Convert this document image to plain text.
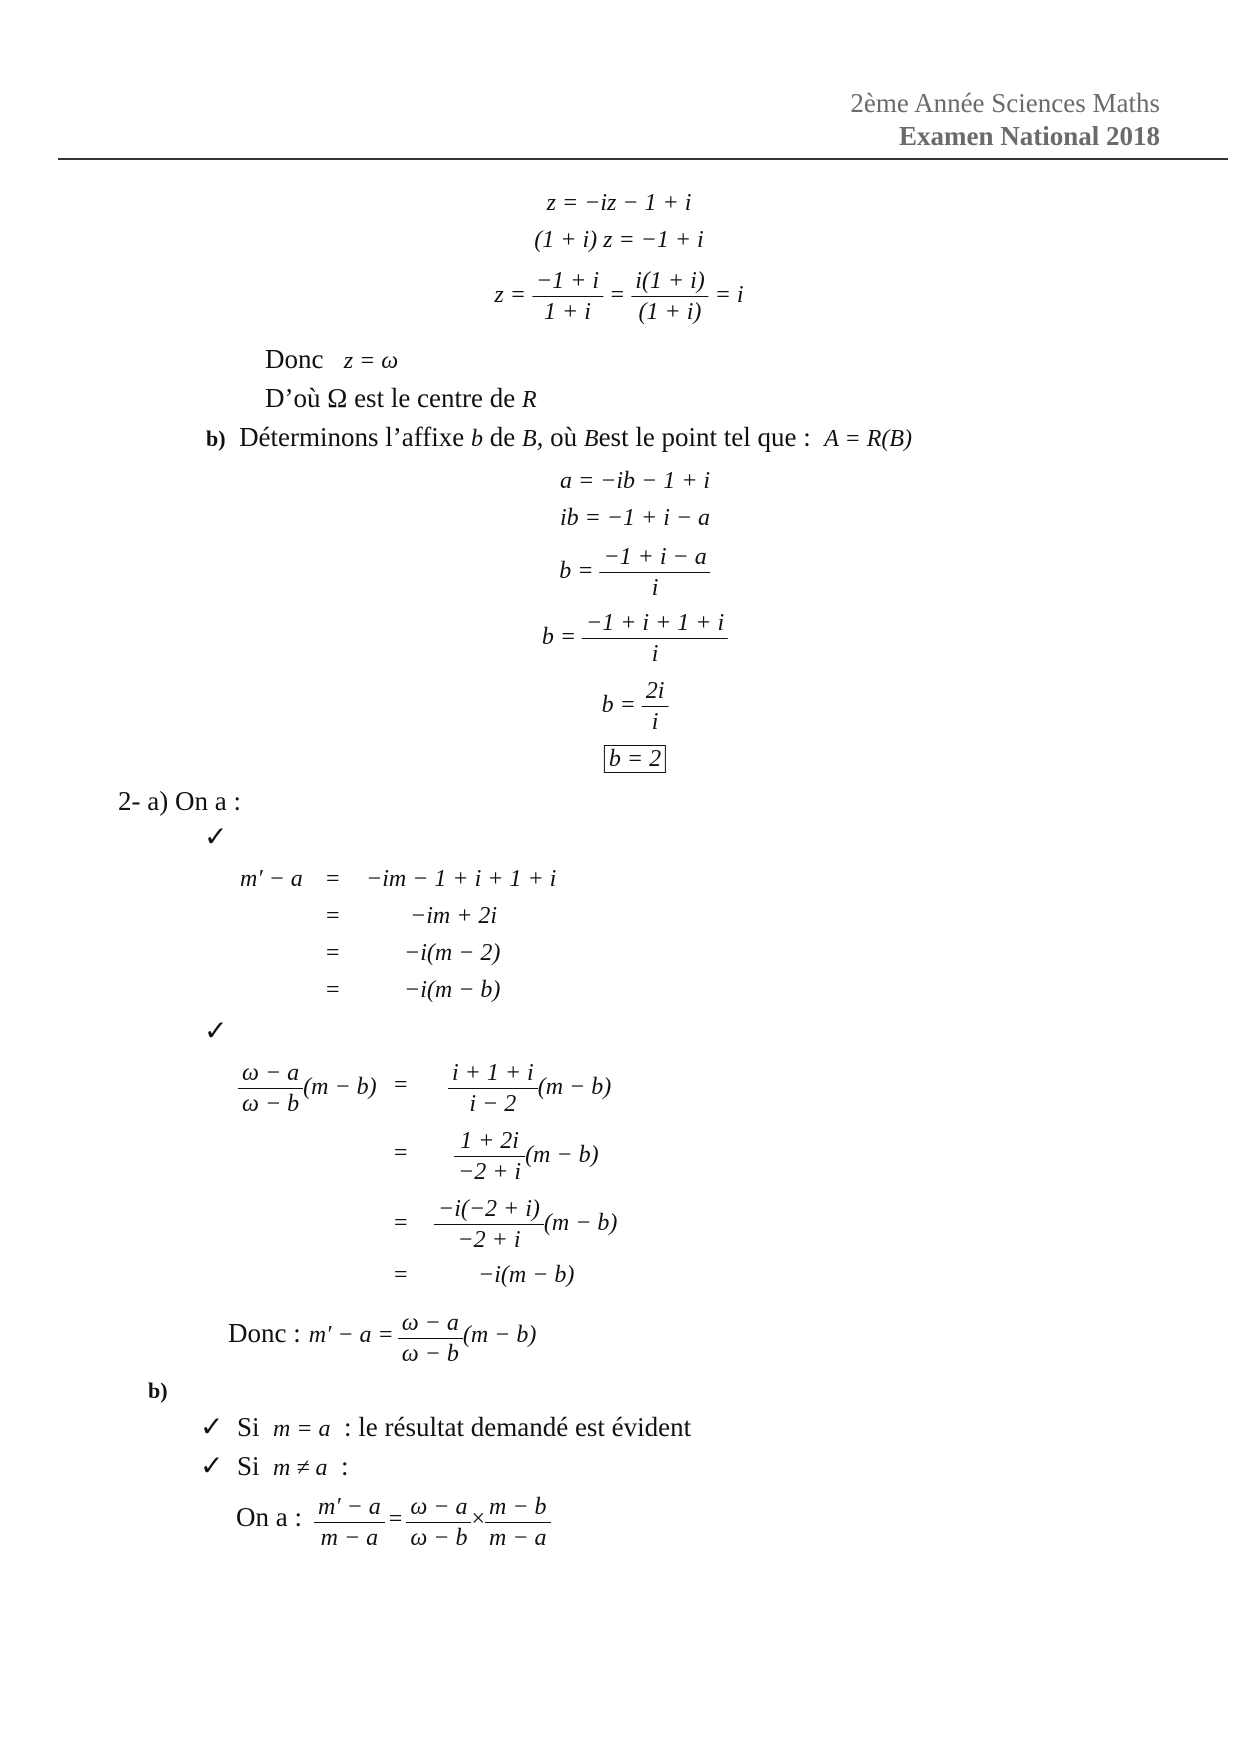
2ème Année Sciences Maths
Examen National 2018
z = −iz − 1 + i
(1 + i) z = −1 + i
$z = \frac{-1 + i}{1 + i} = \frac{i(1 + i)}{(1 + i)} = i$
Donc z = ω
D’où Ω est le centre de R
b) Déterminons l’affixe b de B, où Best le point tel que : A = R(B)
a = −ib − 1 + i
ib = −1 + i − a
$b = \frac{-1 + i - a}{i}$
$b = \frac{-1 + i + 1 + i}{i}$
$b = \frac{2i}{i}$
b = 2
2- a) On a :
✓
m′ − a = −im − 1 + i + 1 + i
=	−im + 2i
=	−i(m − 2)
=	−i(m − b)
✓
$\frac{\omega - a}{\omega - b} (m - b) = \frac{i + 1 + i}{i - 2} (m - b)$
= $\frac{1 + 2i}{-2 + i} (m - b)$
= $\frac{-i(-2 + i)}{-2 + i} (m - b)$
=	−i(m − b)
Donc : $m' - a = \frac{\omega - a}{\omega - b} (m - b)$
b)
✓ Si m = a : le résultat demandé est évident
✓ Si m ≠ a :
On a : $\frac{m' - a}{m - a} = \frac{\omega - a}{\omega - b} \times \frac{m - b}{m - a}$
